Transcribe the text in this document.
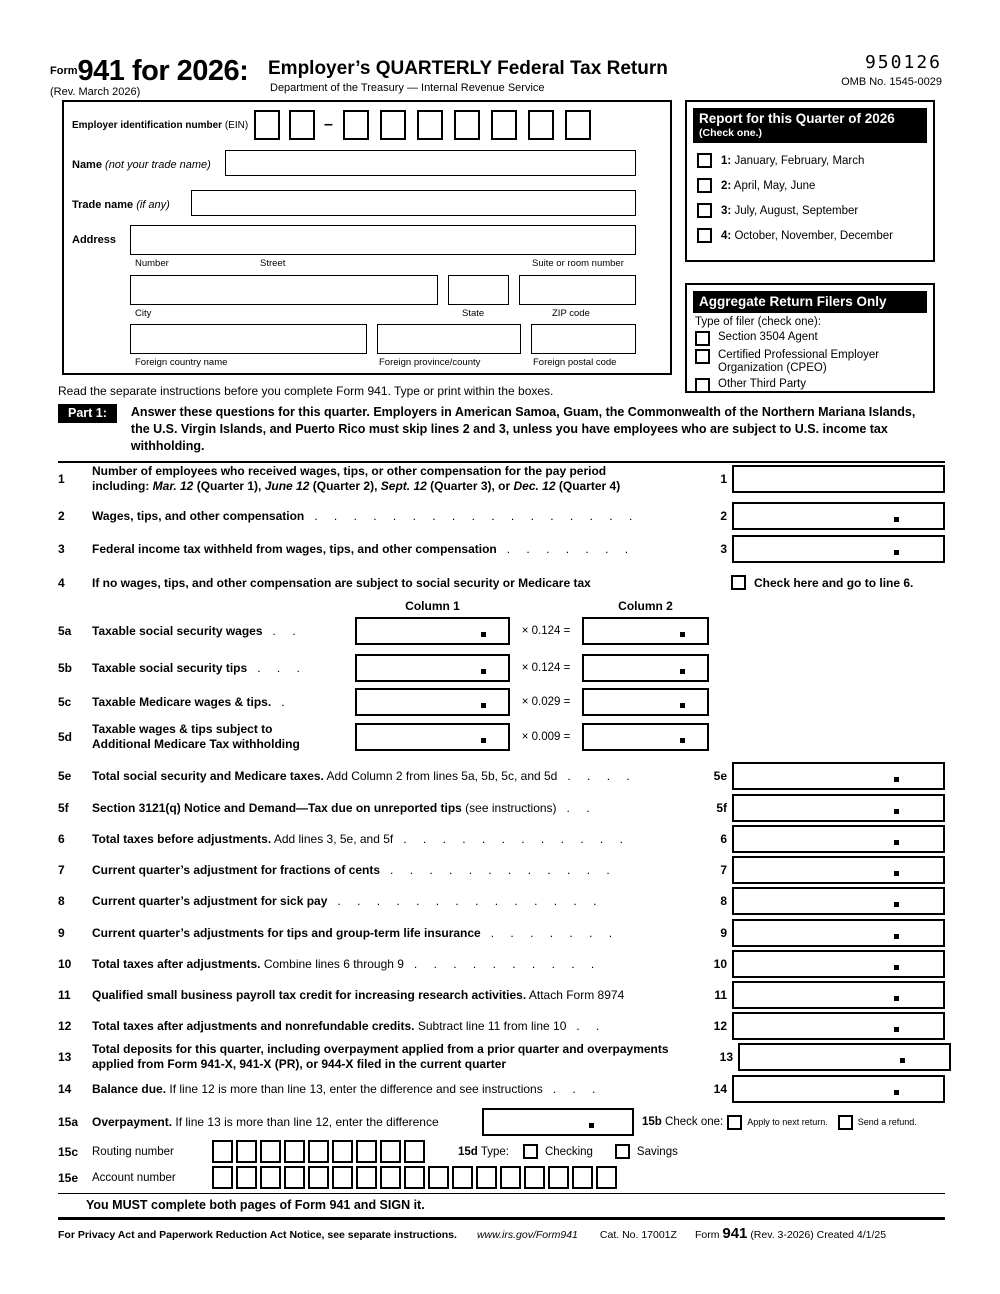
$^{Form}$941 for 2026:
(Rev. March 2026)
Employer’s QUARTERLY Federal Tax Return
Department of the Treasury — Internal Revenue Service
950126
OMB No. 1545-0029
Employer identification number (EIN)	–
Name (not your trade name)
Trade name (if any)
Address
Number	Street	Suite or room number
City	State	ZIP code
Foreign country name	Foreign province/county	Foreign postal code
Report for this Quarter of 2026
(Check one.)
1: January, February, March
2: April, May, June
3: July, August, September
4: October, November, December
Aggregate Return Filers Only
Type of filer (check one):
Section 3504 Agent
Certified Professional Employer Organization (CPEO)
Other Third Party
Read the separate instructions before you complete Form 941. Type or print within the boxes.
Part 1:	Answer these questions for this quarter. Employers in American Samoa, Guam, the Commonwealth of the Northern Mariana Islands, the U.S. Virgin Islands, and Puerto Rico must skip lines 2 and 3, unless you have employees who are subject to U.S. income tax withholding.
1
Number of employees who received wages, tips, or other compensation for the pay period
including: Mar. 12 (Quarter 1), June 12 (Quarter 2), Sept. 12 (Quarter 3), or Dec. 12 (Quarter 4)	1
2	Wages, tips, and other compensation . . . . . . . . . . . . . . . . .	2
3	Federal income tax withheld from wages, tips, and other compensation . . . . . . .	3
4	If no wages, tips, and other compensation are subject to social security or Medicare tax	Check here and go to line 6.
Column 1	Column 2
5a	Taxable social security wages . .	× 0.124 =
5b	Taxable social security tips . . .	× 0.124 =
5c	Taxable Medicare wages & tips. .	× 0.029 =
5d
Taxable wages & tips subject to
Additional Medicare Tax withholding	× 0.009 =
5e	Total social security and Medicare taxes. Add Column 2 from lines 5a, 5b, 5c, and 5d . . . .	5e
5f	Section 3121(q) Notice and Demand—Tax due on unreported tips (see instructions) . .	5f
6	Total taxes before adjustments. Add lines 3, 5e, and 5f . . . . . . . . . . . .	6
7	Current quarter’s adjustment for fractions of cents . . . . . . . . . . . .	7
8	Current quarter’s adjustment for sick pay . . . . . . . . . . . . . .	8
9	Current quarter’s adjustments for tips and group-term life insurance . . . . . . .	9
10	Total taxes after adjustments. Combine lines 6 through 9 . . . . . . . . . .	10
11	Qualified small business payroll tax credit for increasing research activities. Attach Form 8974	11
12	Total taxes after adjustments and nonrefundable credits. Subtract line 11 from line 10 . .	12
13
Total deposits for this quarter, including overpayment applied from a prior quarter and overpayments applied from Form 941-X, 941-X (PR), or 944-X filed in the current quarter	13
14	Balance due. If line 12 is more than line 13, enter the difference and see instructions . . .	14
15a	Overpayment. If line 13 is more than line 12, enter the difference	15b Check one:	Apply to next return.	Send a refund.
15c	Routing number	15d Type:	Checking	Savings
15e	Account number
You MUST complete both pages of Form 941 and SIGN it.
For Privacy Act and Paperwork Reduction Act Notice, see separate instructions. www.irs.gov/Form941 Cat. No. 17001Z Form 941 (Rev. 3-2026) Created 4/1/25
